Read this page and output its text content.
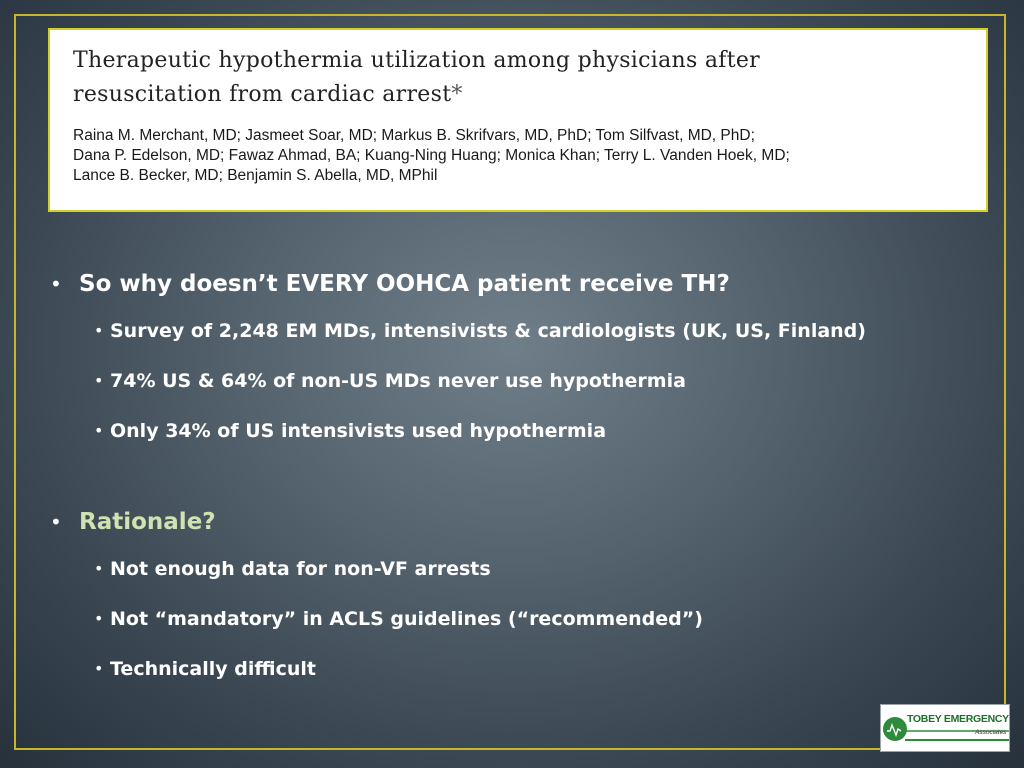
Therapeutic hypothermia utilization among physicians after
resuscitation from cardiac arrest*
Raina M. Merchant, MD; Jasmeet Soar, MD; Markus B. Skrifvars, MD, PhD; Tom Silfvast, MD, PhD;
Dana P. Edelson, MD; Fawaz Ahmad, BA; Kuang-Ning Huang; Monica Khan; Terry L. Vanden Hoek, MD;
Lance B. Becker, MD; Benjamin S. Abella, MD, MPhil
• So why doesn’t EVERY OOHCA patient receive TH?
• Survey of 2,248 EM MDs, intensivists & cardiologists (UK, US, Finland)
• 74% US & 64% of non-US MDs never use hypothermia
• Only 34% of US intensivists used hypothermia
• Rationale?
• Not enough data for non-VF arrests
• Not “mandatory” in ACLS guidelines (“recommended”)
• Technically difficult
TOBEY EMERGENCY
Associates
